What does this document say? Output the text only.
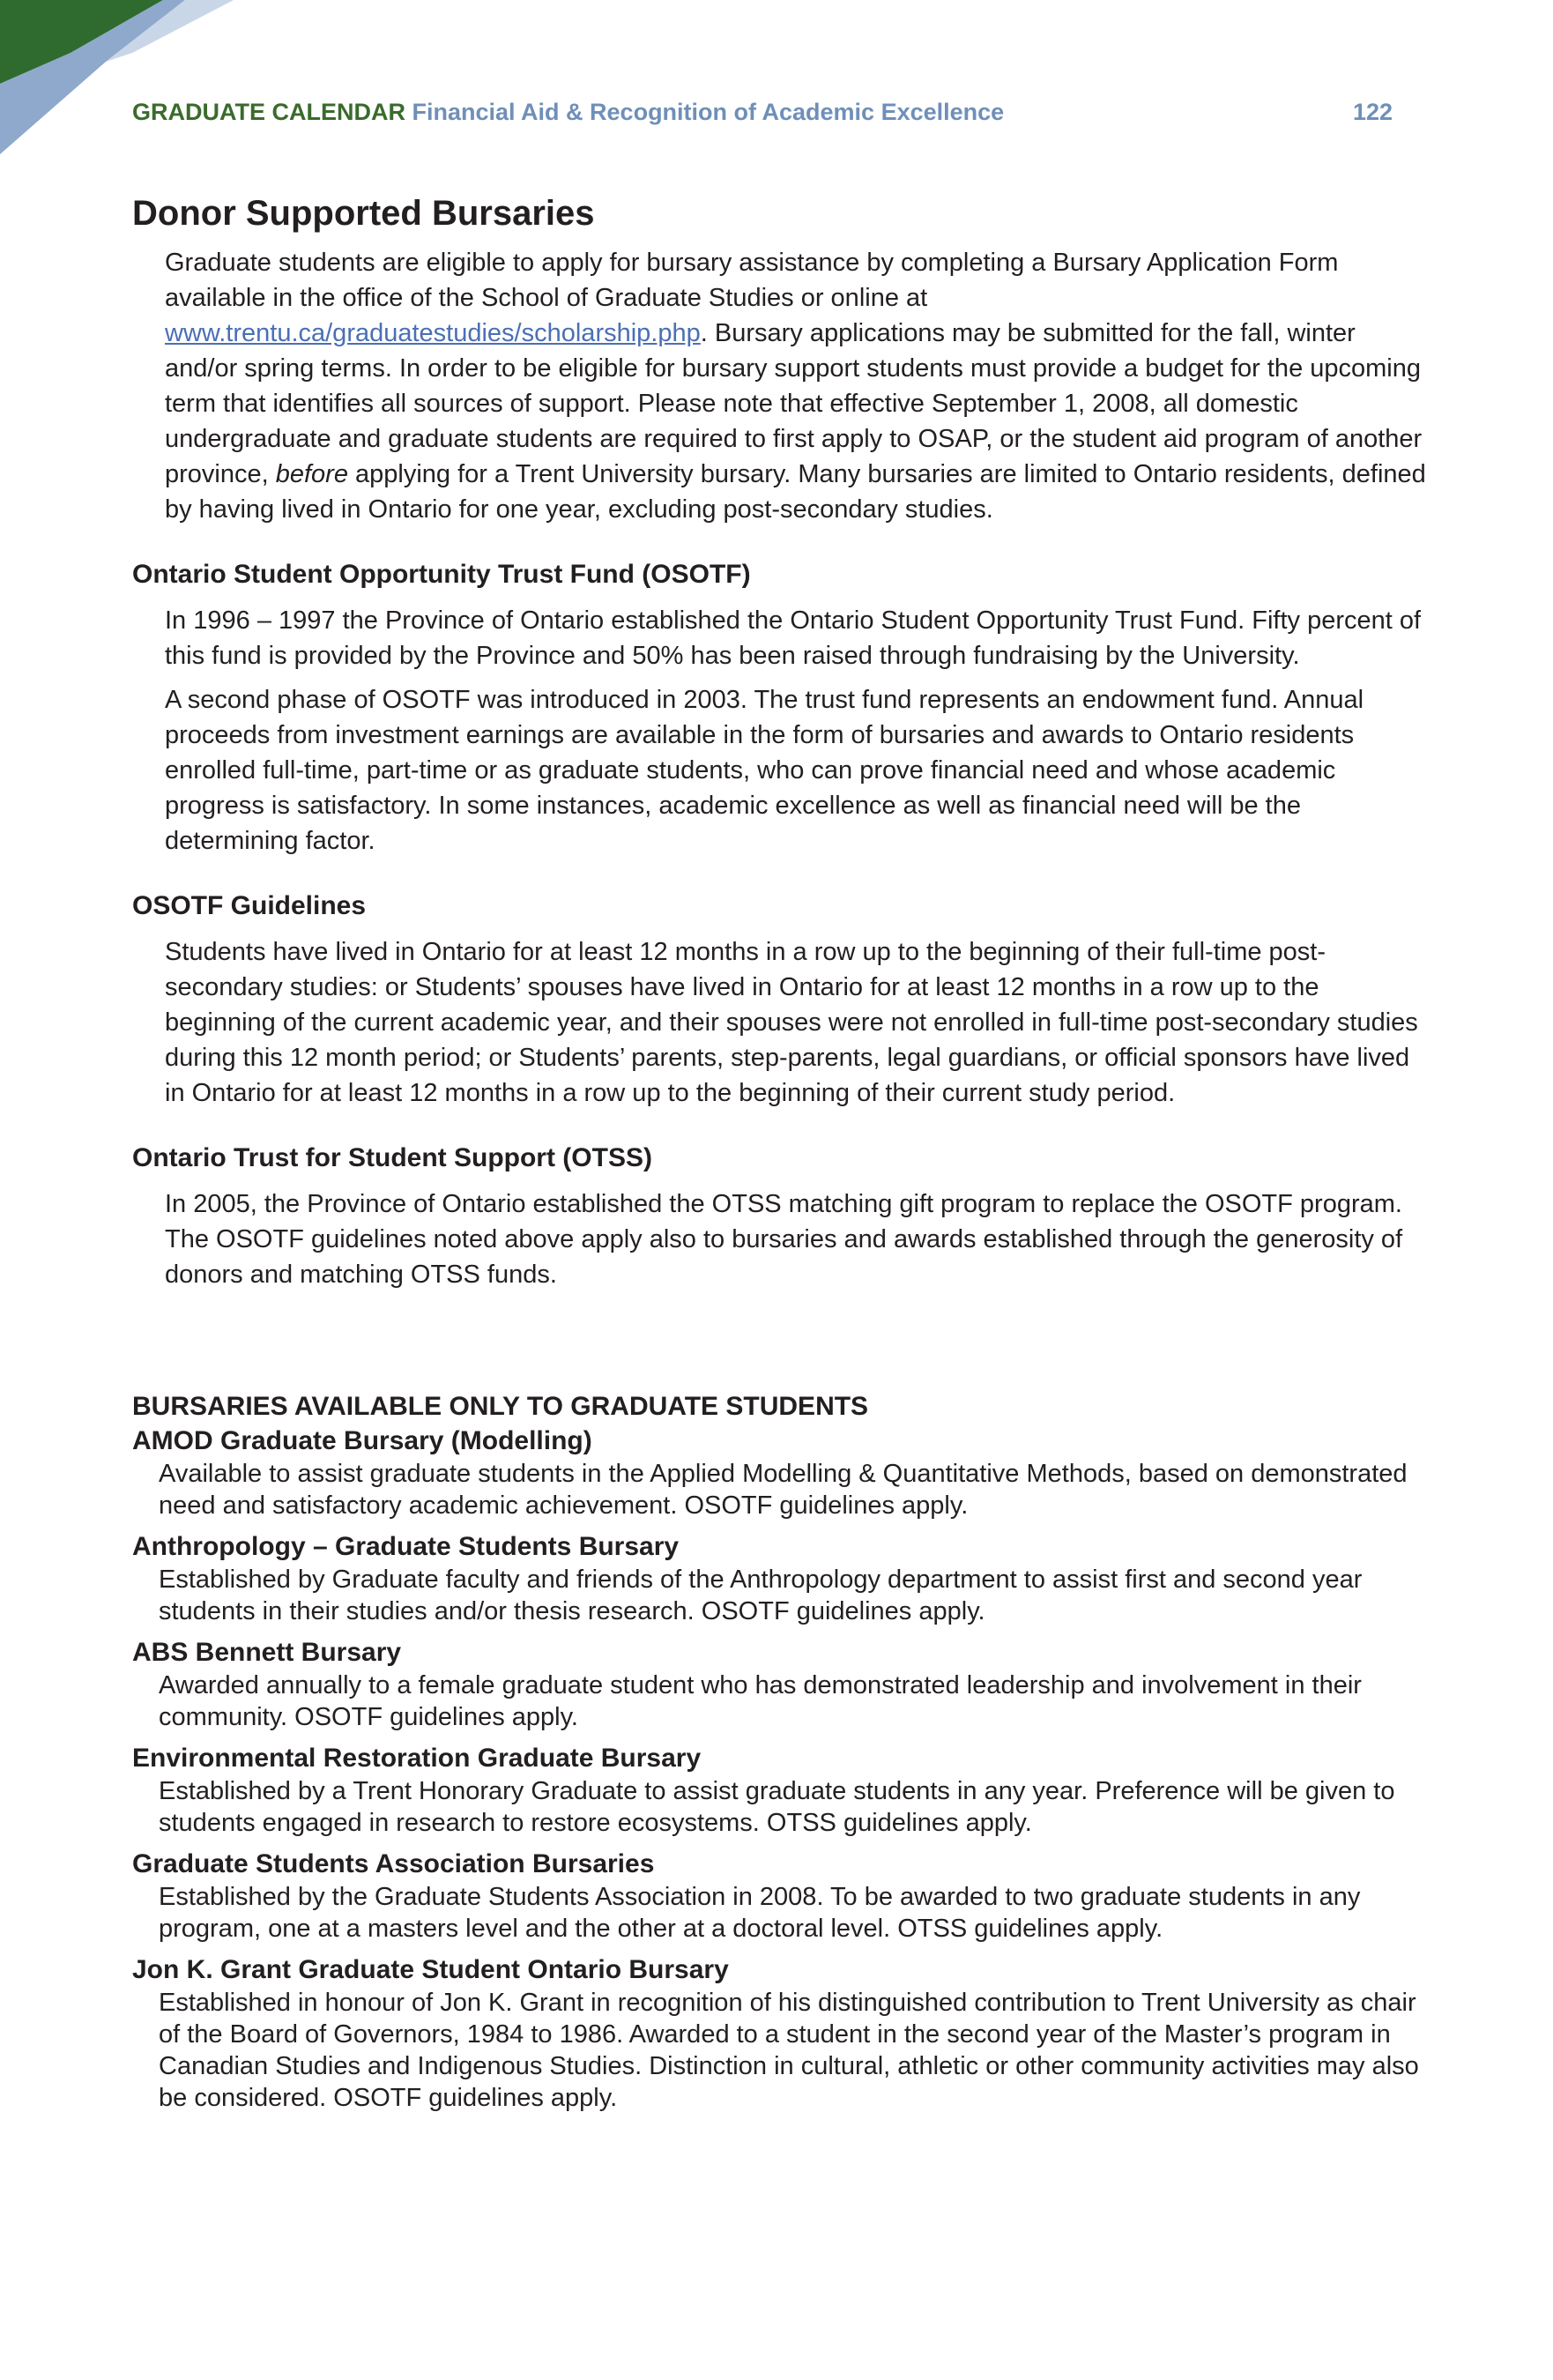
GRADUATE CALENDAR Financial Aid & Recognition of Academic Excellence	122
Donor Supported Bursaries

Graduate students are eligible to apply for bursary assistance by completing a Bursary Application Form available in the office of the School of Graduate Studies or online at www.trentu.ca/graduatestudies/scholarship.php. Bursary applications may be submitted for the fall, winter and/or spring terms. In order to be eligible for bursary support students must provide a budget for the upcoming term that identifies all sources of support. Please note that effective September 1, 2008, all domestic undergraduate and graduate students are required to first apply to OSAP, or the student aid program of another province, before applying for a Trent University bursary. Many bursaries are limited to Ontario residents, defined by having lived in Ontario for one year, excluding post-secondary studies.

Ontario Student Opportunity Trust Fund (OSOTF)

In 1996 – 1997 the Province of Ontario established the Ontario Student Opportunity Trust Fund. Fifty percent of this fund is provided by the Province and 50% has been raised through fundraising by the University.

A second phase of OSOTF was introduced in 2003. The trust fund represents an endowment fund. Annual proceeds from investment earnings are available in the form of bursaries and awards to Ontario residents enrolled full-time, part-time or as graduate students, who can prove financial need and whose academic progress is satisfactory. In some instances, academic excellence as well as financial need will be the determining factor.

OSOTF Guidelines

Students have lived in Ontario for at least 12 months in a row up to the beginning of their full-time post-secondary studies: or Students’ spouses have lived in Ontario for at least 12 months in a row up to the beginning of the current academic year, and their spouses were not enrolled in full-time post-secondary studies during this 12 month period; or Students’ parents, step-parents, legal guardians, or official sponsors have lived in Ontario for at least 12 months in a row up to the beginning of their current study period.

Ontario Trust for Student Support (OTSS)

In 2005, the Province of Ontario established the OTSS matching gift program to replace the OSOTF program. The OSOTF guidelines noted above apply also to bursaries and awards established through the generosity of donors and matching OTSS funds.

BURSARIES AVAILABLE ONLY TO GRADUATE STUDENTS
AMOD Graduate Bursary (Modelling)
Available to assist graduate students in the Applied Modelling & Quantitative Methods, based on demonstrated need and satisfactory academic achievement. OSOTF guidelines apply.
Anthropology – Graduate Students Bursary
Established by Graduate faculty and friends of the Anthropology department to assist first and second year students in their studies and/or thesis research. OSOTF guidelines apply.
ABS Bennett Bursary
Awarded annually to a female graduate student who has demonstrated leadership and involvement in their community. OSOTF guidelines apply.
Environmental Restoration Graduate Bursary
Established by a Trent Honorary Graduate to assist graduate students in any year. Preference will be given to students engaged in research to restore ecosystems. OTSS guidelines apply.
Graduate Students Association Bursaries
Established by the Graduate Students Association in 2008. To be awarded to two graduate students in any program, one at a masters level and the other at a doctoral level. OTSS guidelines apply.
Jon K. Grant Graduate Student Ontario Bursary
Established in honour of Jon K. Grant in recognition of his distinguished contribution to Trent University as chair of the Board of Governors, 1984 to 1986. Awarded to a student in the second year of the Master’s program in Canadian Studies and Indigenous Studies. Distinction in cultural, athletic or other community activities may also be considered. OSOTF guidelines apply.
